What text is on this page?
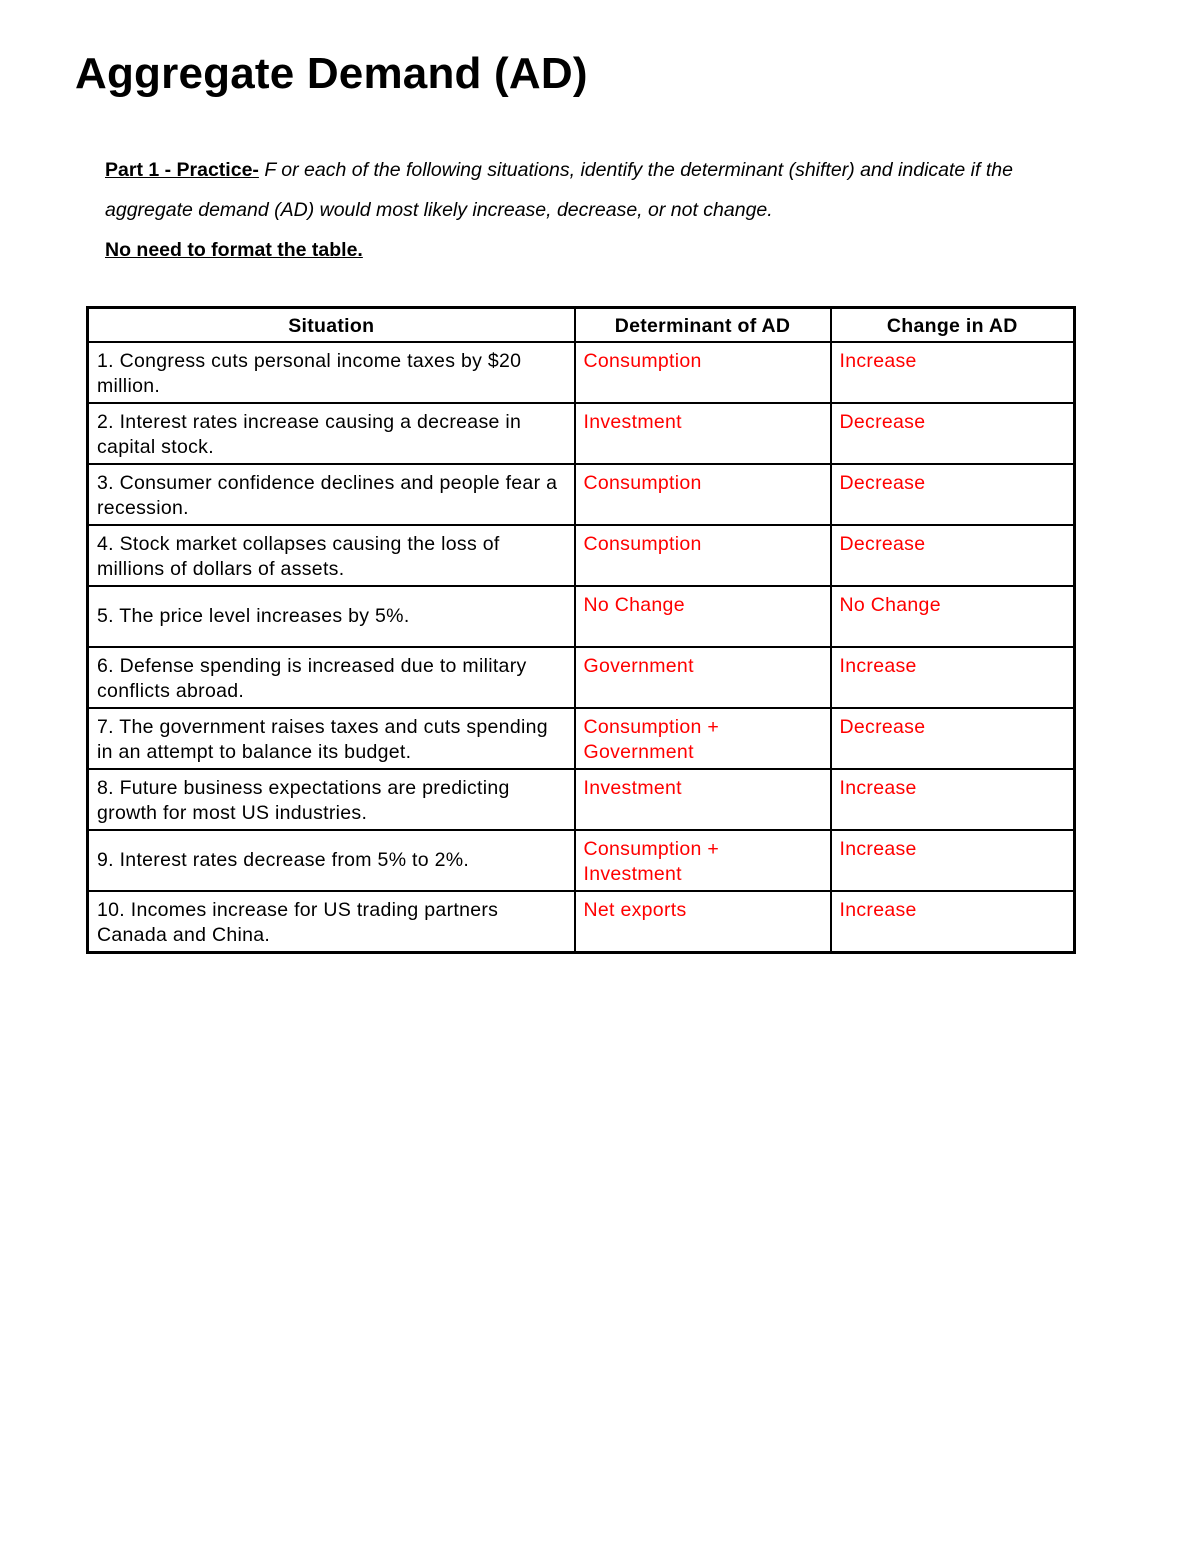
Aggregate Demand (AD)

Part 1 - Practice- F or each of the following situations, identify the determinant (shifter) and indicate if the aggregate demand (AD) would most likely increase, decrease, or not change.

No need to format the table.

Situation	Determinant of AD	Change in AD
1. Congress cuts personal income taxes by $20 million.	Consumption	Increase
2. Interest rates increase causing a decrease in capital stock.	Investment	Decrease
3. Consumer confidence declines and people fear a recession.	Consumption	Decrease
4. Stock market collapses causing the loss of millions of dollars of assets.	Consumption	Decrease
5. The price level increases by 5%.	No Change	No Change
6. Defense spending is increased due to military conflicts abroad.	Government	Increase
7. The government raises taxes and cuts spending in an attempt to balance its budget.	Consumption + Government	Decrease
8. Future business expectations are predicting growth for most US industries.	Investment	Increase
9. Interest rates decrease from 5% to 2%.	Consumption + Investment	Increase
10. Incomes increase for US trading partners Canada and China.	Net exports	Increase
